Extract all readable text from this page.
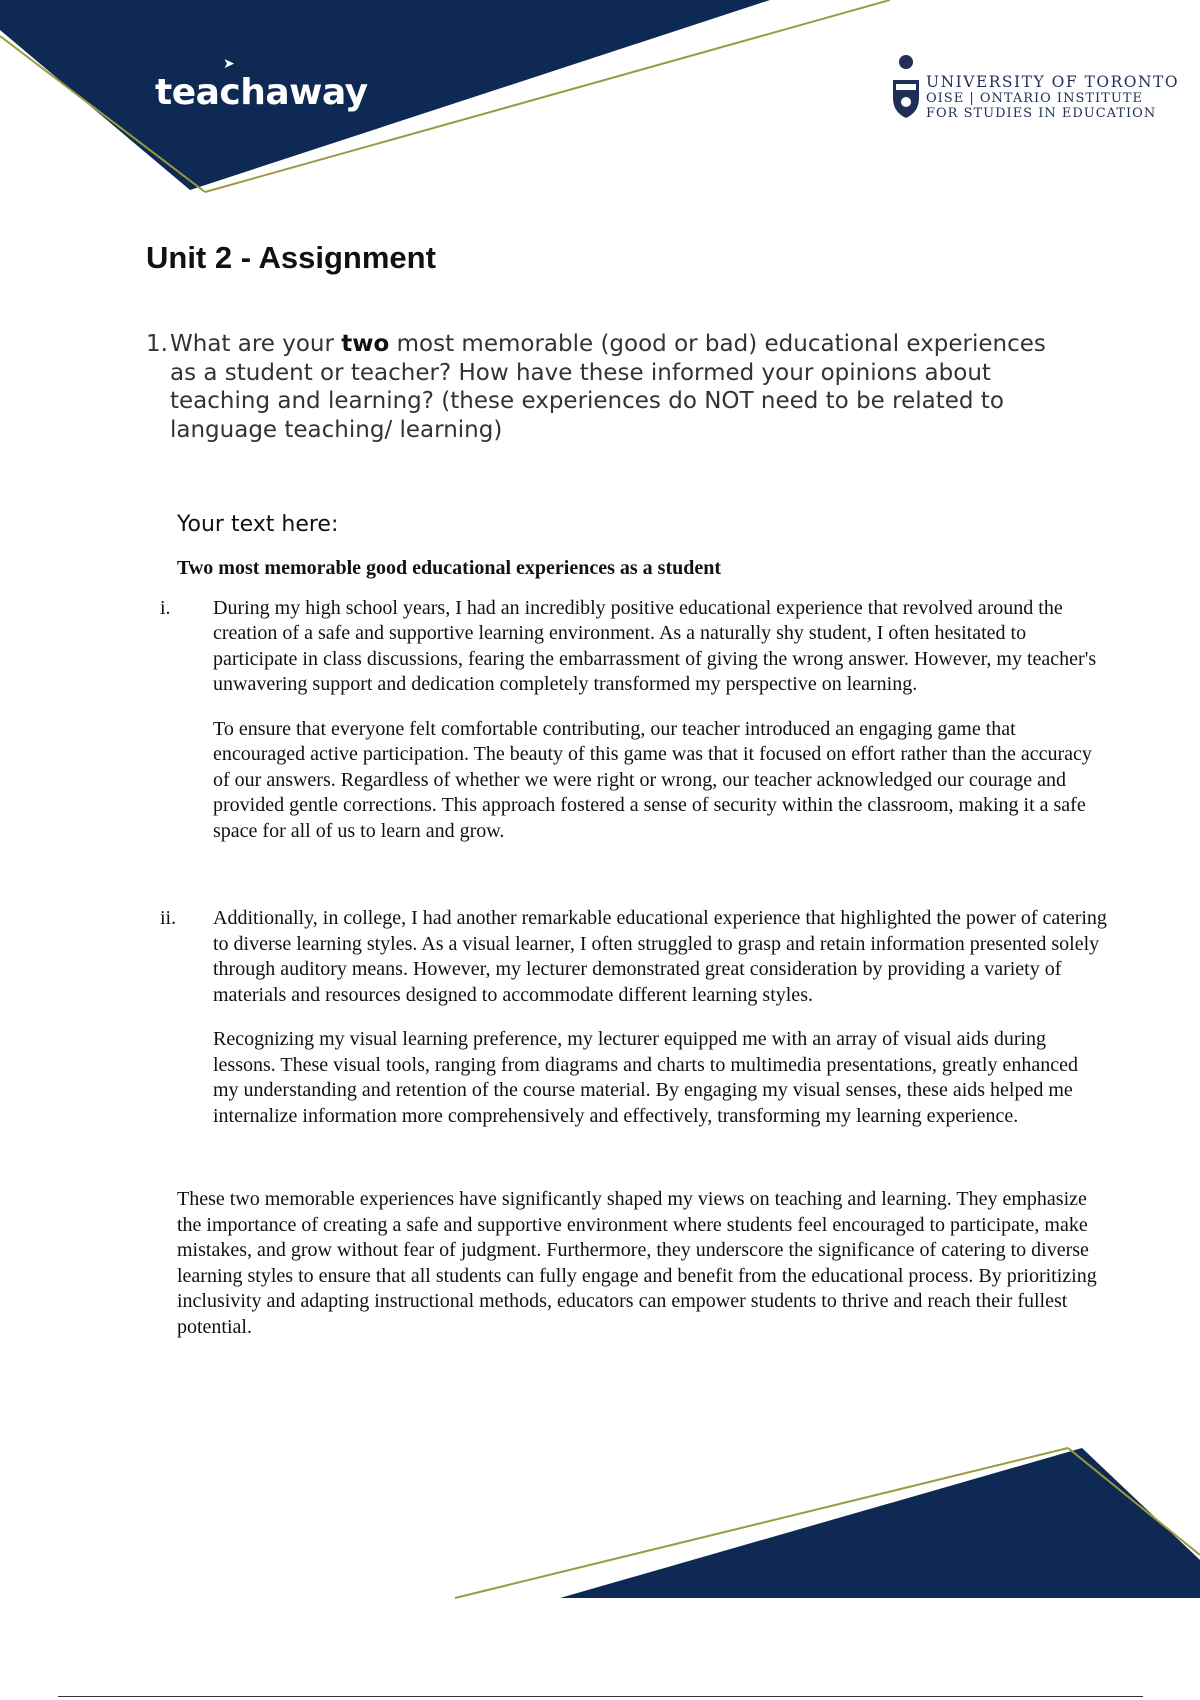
➤
teachaway	UNIVERSITY OF TORONTO
OISE | ONTARIO INSTITUTE
FOR STUDIES IN EDUCATION
Unit 2 - Assignment
1. What are your two most memorable (good or bad) educational experiences as a student or teacher? How have these informed your opinions about teaching and learning? (these experiences do NOT need to be related to language teaching/ learning)
Your text here:

Two most memorable good educational experiences as a student

i.	During my high school years, I had an incredibly positive educational experience that revolved around the creation of a safe and supportive learning environment. As a naturally shy student, I often hesitated to participate in class discussions, fearing the embarrassment of giving the wrong answer. However, my teacher's unwavering support and dedication completely transformed my perspective on learning.

To ensure that everyone felt comfortable contributing, our teacher introduced an engaging game that encouraged active participation. The beauty of this game was that it focused on effort rather than the accuracy of our answers. Regardless of whether we were right or wrong, our teacher acknowledged our courage and provided gentle corrections. This approach fostered a sense of security within the classroom, making it a safe space for all of us to learn and grow.

ii.	Additionally, in college, I had another remarkable educational experience that highlighted the power of catering to diverse learning styles. As a visual learner, I often struggled to grasp and retain information presented solely through auditory means. However, my lecturer demonstrated great consideration by providing a variety of materials and resources designed to accommodate different learning styles.

Recognizing my visual learning preference, my lecturer equipped me with an array of visual aids during lessons. These visual tools, ranging from diagrams and charts to multimedia presentations, greatly enhanced my understanding and retention of the course material. By engaging my visual senses, these aids helped me internalize information more comprehensively and effectively, transforming my learning experience.

These two memorable experiences have significantly shaped my views on teaching and learning. They emphasize the importance of creating a safe and supportive environment where students feel encouraged to participate, make mistakes, and grow without fear of judgment. Furthermore, they underscore the significance of catering to diverse learning styles to ensure that all students can fully engage and benefit from the educational process. By prioritizing inclusivity and adapting instructional methods, educators can empower students to thrive and reach their fullest potential.
